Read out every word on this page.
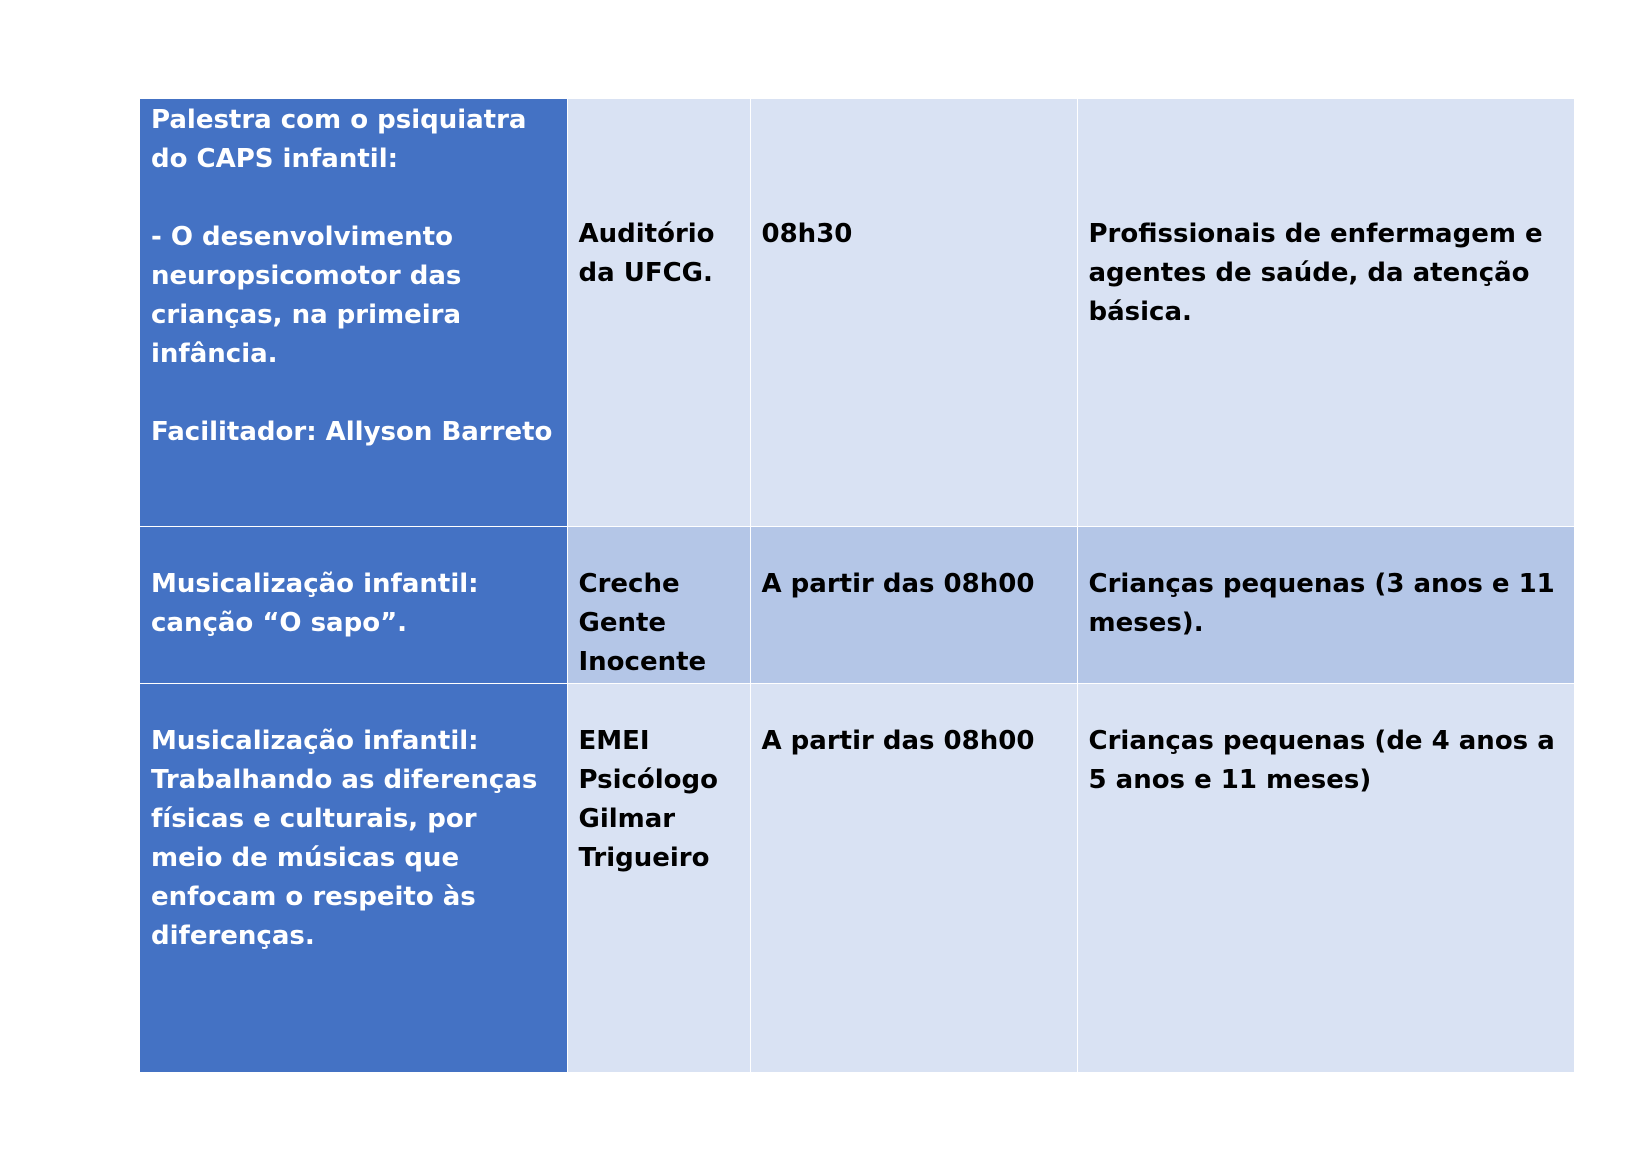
Palestra com o psiquiatra do CAPS infantil:

- O desenvolvimento neuropsicomotor das crianças, na primeira infância.

Facilitador: Allyson Barreto	Auditório da UFCG.	08h30	Profissionais de enfermagem e agentes de saúde, da atenção básica.

Musicalização infantil: canção “O sapo”.	Creche Gente Inocente	A partir das 08h00	Crianças pequenas (3 anos e 11 meses).

Musicalização infantil: Trabalhando as diferenças físicas e culturais, por meio de músicas que enfocam o respeito às diferenças.	EMEI Psicólogo Gilmar Trigueiro	A partir das 08h00	Crianças pequenas (de 4 anos a 5 anos e 11 meses)
